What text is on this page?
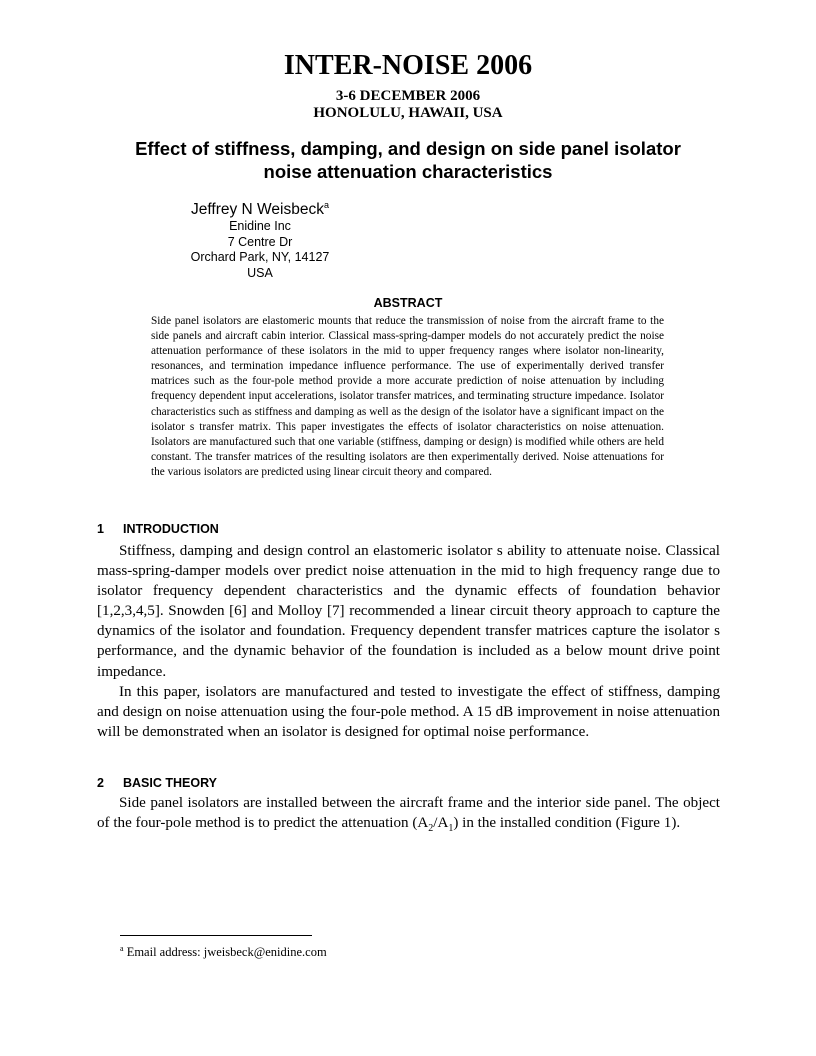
INTER-NOISE 2006
3-6 DECEMBER 2006
HONOLULU, HAWAII, USA
Effect of stiffness, damping, and design on side panel isolator
noise attenuation characteristics
Jeffrey N Weisbeck$^a$
Enidine Inc
7 Centre Dr
Orchard Park, NY, 14127
USA
ABSTRACT
Side panel isolators are elastomeric mounts that reduce the transmission of noise from the aircraft frame to the side panels and aircraft cabin interior. Classical mass-spring-damper models do not accurately predict the noise attenuation performance of these isolators in the mid to upper frequency ranges where isolator non-linearity, resonances, and termination impedance influence performance. The use of experimentally derived transfer matrices such as the four-pole method provide a more accurate prediction of noise attenuation by including frequency dependent input accelerations, isolator transfer matrices, and terminating structure impedance. Isolator characteristics such as stiffness and damping as well as the design of the isolator have a significant impact on the isolator s transfer matrix. This paper investigates the effects of isolator characteristics on noise attenuation. Isolators are manufactured such that one variable (stiffness, damping or design) is modified while others are held constant. The transfer matrices of the resulting isolators are then experimentally derived. Noise attenuations for the various isolators are predicted using linear circuit theory and compared.
1 INTRODUCTION
Stiffness, damping and design control an elastomeric isolator s ability to attenuate noise. Classical mass-spring-damper models over predict noise attenuation in the mid to high frequency range due to isolator frequency dependent characteristics and the dynamic effects of foundation behavior [1,2,3,4,5]. Snowden [6] and Molloy [7] recommended a linear circuit theory approach to capture the dynamics of the isolator and foundation. Frequency dependent transfer matrices capture the isolator s performance, and the dynamic behavior of the foundation is included as a below mount drive point impedance.
In this paper, isolators are manufactured and tested to investigate the effect of stiffness, damping and design on noise attenuation using the four-pole method. A 15 dB improvement in noise attenuation will be demonstrated when an isolator is designed for optimal noise performance.
2 BASIC THEORY
Side panel isolators are installed between the aircraft frame and the interior side panel. The object of the four-pole method is to predict the attenuation $(A_2/A_1)$ in the installed condition (Figure 1).
$^a$ Email address: jweisbeck@enidine.com
